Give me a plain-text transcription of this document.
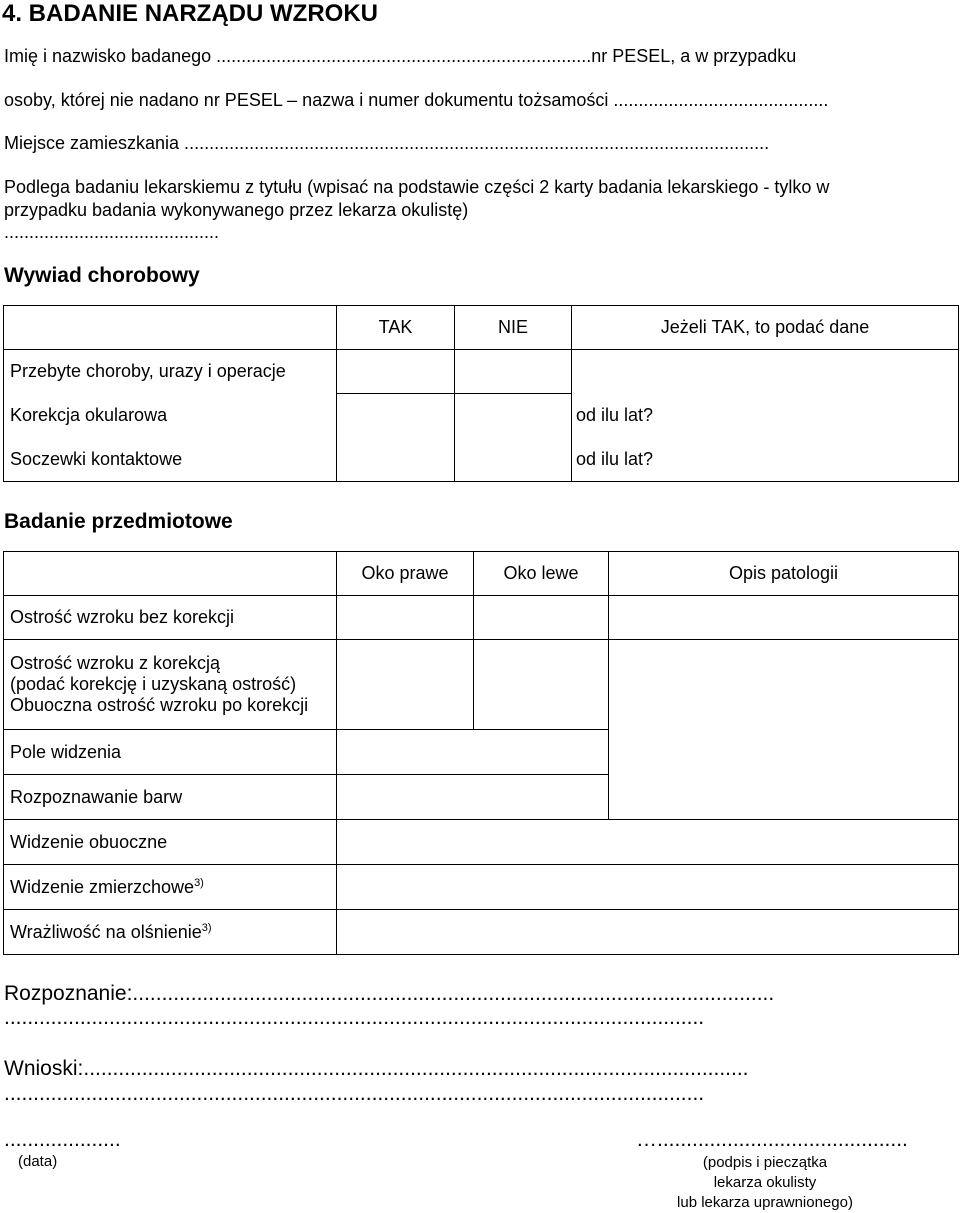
4. BADANIE NARZĄDU WZROKU
Imię i nazwisko badanego ...........................................................................nr PESEL, a w przypadku
osoby, której nie nadano nr PESEL – nazwa i numer dokumentu tożsamości ...........................................
Miejsce zamieszkania .....................................................................................................................
Podlega badaniu lekarskiemu z tytułu (wpisać na podstawie części 2 karty badania lekarskiego - tylko w
przypadku badania wykonywanego przez lekarza okulistę)
...........................................
Wywiad chorobowy
	TAK	NIE	Jeżeli TAK, to podać dane
Przebyte choroby, urazy i operacje			
Korekcja okularowa			od ilu lat?
Soczewki kontaktowe			od ilu lat?
Badanie przedmiotowe
	Oko prawe	Oko lewe	Opis patologii
Ostrość wzroku bez korekcji			

Ostrość wzroku z korekcją
(podać korekcję i uzyskaną ostrość)
Obuoczna ostrość wzroku po korekcji			

Pole widzenia			
Rozpoznawanie barw			
Widzenie obuoczne			
Widzenie zmierzchowe$^{3)}$	
Wrażliwość na olśnienie$^{3)}$	
Rozpoznanie:..............................................................................................................
........................................................................................................................
Wnioski:..................................................................................................................
........................................................................................................................
....................
(data)
…...........................................
(podpis i pieczątka
lekarza okulisty
lub lekarza uprawnionego)
